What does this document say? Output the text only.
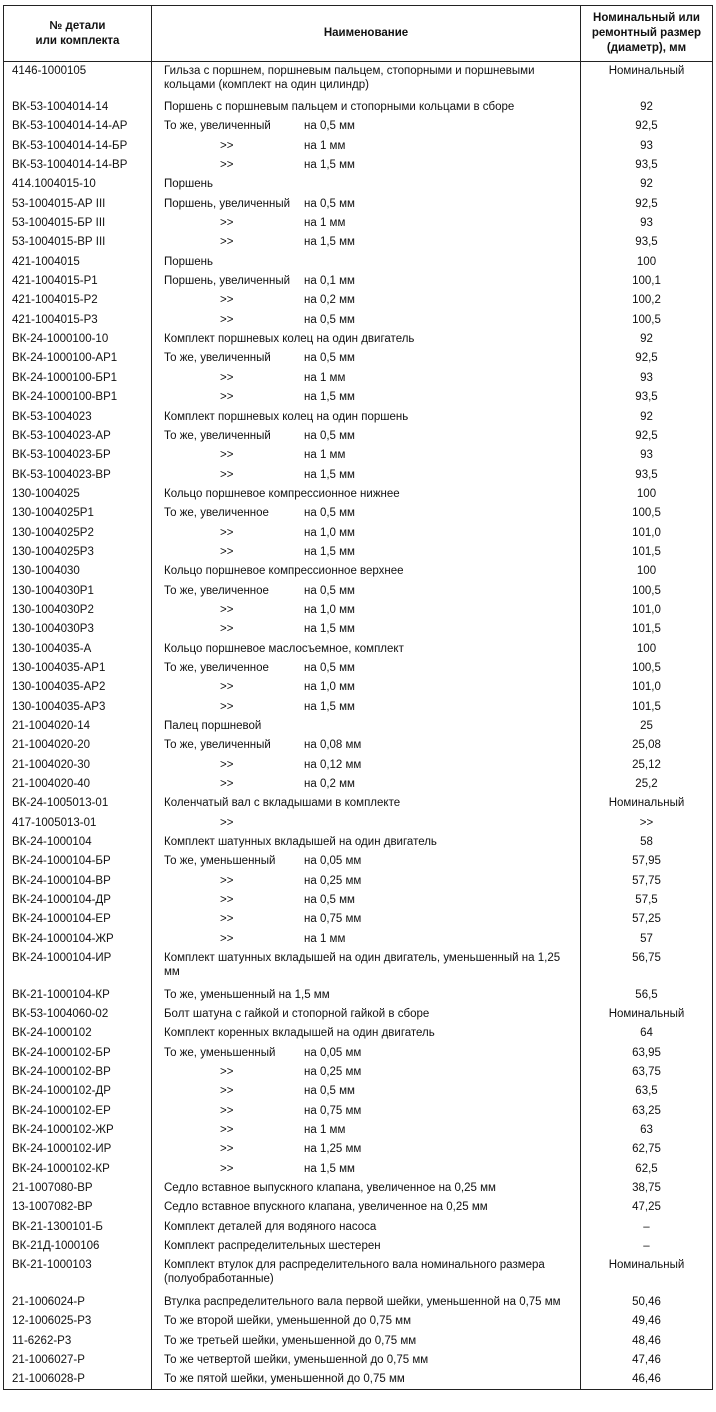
№ детали
или комплекта	Наименование	Номинальный или
ремонтный размер
(диаметр), мм
4146-1000105	Гильза с поршнем, поршневым пальцем, стопорными и поршневыми кольцами (комплект на один цилиндр)	Номинальный
ВК-53-1004014-14	Поршень с поршневым пальцем и стопорными кольцами в сборе	92
ВК-53-1004014-14-АР	То же, увеличенный на 0,5 мм	92,5
ВК-53-1004014-14-БР	>> на 1 мм	93
ВК-53-1004014-14-ВР	>> на 1,5 мм	93,5
414.1004015-10	Поршень	92
53-1004015-АР III	Поршень, увеличенный на 0,5 мм	92,5
53-1004015-БР III	>> на 1 мм	93
53-1004015-ВР III	>> на 1,5 мм	93,5
421-1004015	Поршень	100
421-1004015-Р1	Поршень, увеличенный на 0,1 мм	100,1
421-1004015-Р2	>> на 0,2 мм	100,2
421-1004015-Р3	>> на 0,5 мм	100,5
ВК-24-1000100-10	Комплект поршневых колец на один двигатель	92
ВК-24-1000100-АР1	То же, увеличенный на 0,5 мм	92,5
ВК-24-1000100-БР1	>> на 1 мм	93
ВК-24-1000100-ВР1	>> на 1,5 мм	93,5
ВК-53-1004023	Комплект поршневых колец на один поршень	92
ВК-53-1004023-АР	То же, увеличенный на 0,5 мм	92,5
ВК-53-1004023-БР	>> на 1 мм	93
ВК-53-1004023-ВР	>> на 1,5 мм	93,5
130-1004025	Кольцо поршневое компрессионное нижнее	100
130-1004025Р1	То же, увеличенное на 0,5 мм	100,5
130-1004025Р2	>> на 1,0 мм	101,0
130-1004025Р3	>> на 1,5 мм	101,5
130-1004030	Кольцо поршневое компрессионное верхнее	100
130-1004030Р1	То же, увеличенное на 0,5 мм	100,5
130-1004030Р2	>> на 1,0 мм	101,0
130-1004030Р3	>> на 1,5 мм	101,5
130-1004035-А	Кольцо поршневое маслосъемное, комплект	100
130-1004035-АР1	То же, увеличенное на 0,5 мм	100,5
130-1004035-АР2	>> на 1,0 мм	101,0
130-1004035-АР3	>> на 1,5 мм	101,5
21-1004020-14	Палец поршневой	25
21-1004020-20	То же, увеличенный на 0,08 мм	25,08
21-1004020-30	>> на 0,12 мм	25,12
21-1004020-40	>> на 0,2 мм	25,2
ВК-24-1005013-01	Коленчатый вал с вкладышами в комплекте	Номинальный
417-1005013-01	>>	>>
ВК-24-1000104	Комплект шатунных вкладышей на один двигатель	58
ВК-24-1000104-БР	То же, уменьшенный на 0,05 мм	57,95
ВК-24-1000104-ВР	>> на 0,25 мм	57,75
ВК-24-1000104-ДР	>> на 0,5 мм	57,5
ВК-24-1000104-ЕР	>> на 0,75 мм	57,25
ВК-24-1000104-ЖР	>> на 1 мм	57
ВК-24-1000104-ИР	Комплект шатунных вкладышей на один двигатель, уменьшенный на 1,25 мм	56,75
ВК-21-1000104-КР	То же, уменьшенный на 1,5 мм	56,5
ВК-53-1004060-02	Болт шатуна с гайкой и стопорной гайкой в сборе	Номинальный
ВК-24-1000102	Комплект коренных вкладышей на один двигатель	64
ВК-24-1000102-БР	То же, уменьшенный на 0,05 мм	63,95
ВК-24-1000102-ВР	>> на 0,25 мм	63,75
ВК-24-1000102-ДР	>> на 0,5 мм	63,5
ВК-24-1000102-ЕР	>> на 0,75 мм	63,25
ВК-24-1000102-ЖР	>> на 1 мм	63
ВК-24-1000102-ИР	>> на 1,25 мм	62,75
ВК-24-1000102-КР	>> на 1,5 мм	62,5
21-1007080-ВР	Седло вставное выпускного клапана, увеличенное на 0,25 мм	38,75
13-1007082-ВР	Седло вставное впускного клапана, увеличенное на 0,25 мм	47,25
ВК-21-1300101-Б	Комплект деталей для водяного насоса	–
ВК-21Д-1000106	Комплект распределительных шестерен	–
ВК-21-1000103	Комплект втулок для распределительного вала номинального размера (полуобработанные)	Номинальный
21-1006024-Р	Втулка распределительного вала первой шейки, уменьшенной на 0,75 мм	50,46
12-1006025-Р3	То же второй шейки, уменьшенной до 0,75 мм	49,46
11-6262-Р3	То же третьей шейки, уменьшенной до 0,75 мм	48,46
21-1006027-Р	То же четвертой шейки, уменьшенной до 0,75 мм	47,46
21-1006028-Р	То же пятой шейки, уменьшенной до 0,75 мм	46,46
